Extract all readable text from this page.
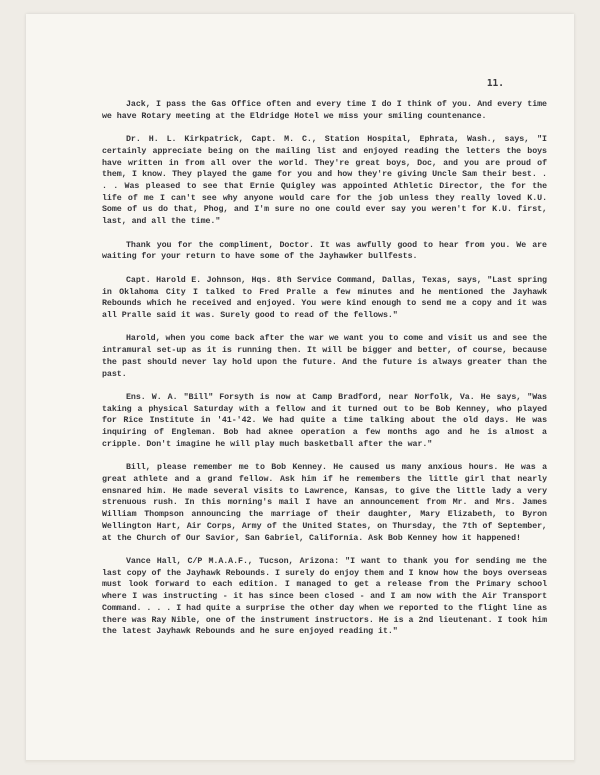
11.

Jack, I pass the Gas Office often and every time I do I think of you. And every time we have Rotary meeting at the Eldridge Hotel we miss your smiling countenance.

Dr. H. L. Kirkpatrick, Capt. M. C., Station Hospital, Ephrata, Wash., says, "I certainly appreciate being on the mailing list and enjoyed reading the letters the boys have written in from all over the world. They're great boys, Doc, and you are proud of them, I know. They played the game for you and how they're giving Uncle Sam their best. . . . Was pleased to see that Ernie Quigley was appointed Athletic Director, the for the life of me I can't see why anyone would care for the job unless they really loved K.U. Some of us do that, Phog, and I'm sure no one could ever say you weren't for K.U. first, last, and all the time."

Thank you for the compliment, Doctor. It was awfully good to hear from you. We are waiting for your return to have some of the Jayhawker bullfests.

Capt. Harold E. Johnson, Hqs. 8th Service Command, Dallas, Texas, says, "Last spring in Oklahoma City I talked to Fred Pralle a few minutes and he mentioned the Jayhawk Rebounds which he received and enjoyed. You were kind enough to send me a copy and it was all Pralle said it was. Surely good to read of the fellows."

Harold, when you come back after the war we want you to come and visit us and see the intramural set-up as it is running then. It will be bigger and better, of course, because the past should never lay hold upon the future. And the future is always greater than the past.

Ens. W. A. "Bill" Forsyth is now at Camp Bradford, near Norfolk, Va. He says, "Was taking a physical Saturday with a fellow and it turned out to be Bob Kenney, who played for Rice Institute in '41-'42. We had quite a time talking about the old days. He was inquiring of Engleman. Bob had aknee operation a few months ago and he is almost a cripple. Don't imagine he will play much basketball after the war."

Bill, please remember me to Bob Kenney. He caused us many anxious hours. He was a great athlete and a grand fellow. Ask him if he remembers the little girl that nearly ensnared him. He made several visits to Lawrence, Kansas, to give the little lady a very strenuous rush. In this morning's mail I have an announcement from Mr. and Mrs. James William Thompson announcing the marriage of their daughter, Mary Elizabeth, to Byron Wellington Hart, Air Corps, Army of the United States, on Thursday, the 7th of September, at the Church of Our Savior, San Gabriel, California. Ask Bob Kenney how it happened!

Vance Hall, C/P M.A.A.F., Tucson, Arizona: "I want to thank you for sending me the last copy of the Jayhawk Rebounds. I surely do enjoy them and I know how the boys overseas must look forward to each edition. I managed to get a release from the Primary school where I was instructing - it has since been closed - and I am now with the Air Transport Command. . . . I had quite a surprise the other day when we reported to the flight line as there was Ray Nible, one of the instrument instructors. He is a 2nd lieutenant. I took him the latest Jayhawk Rebounds and he sure enjoyed reading it."
